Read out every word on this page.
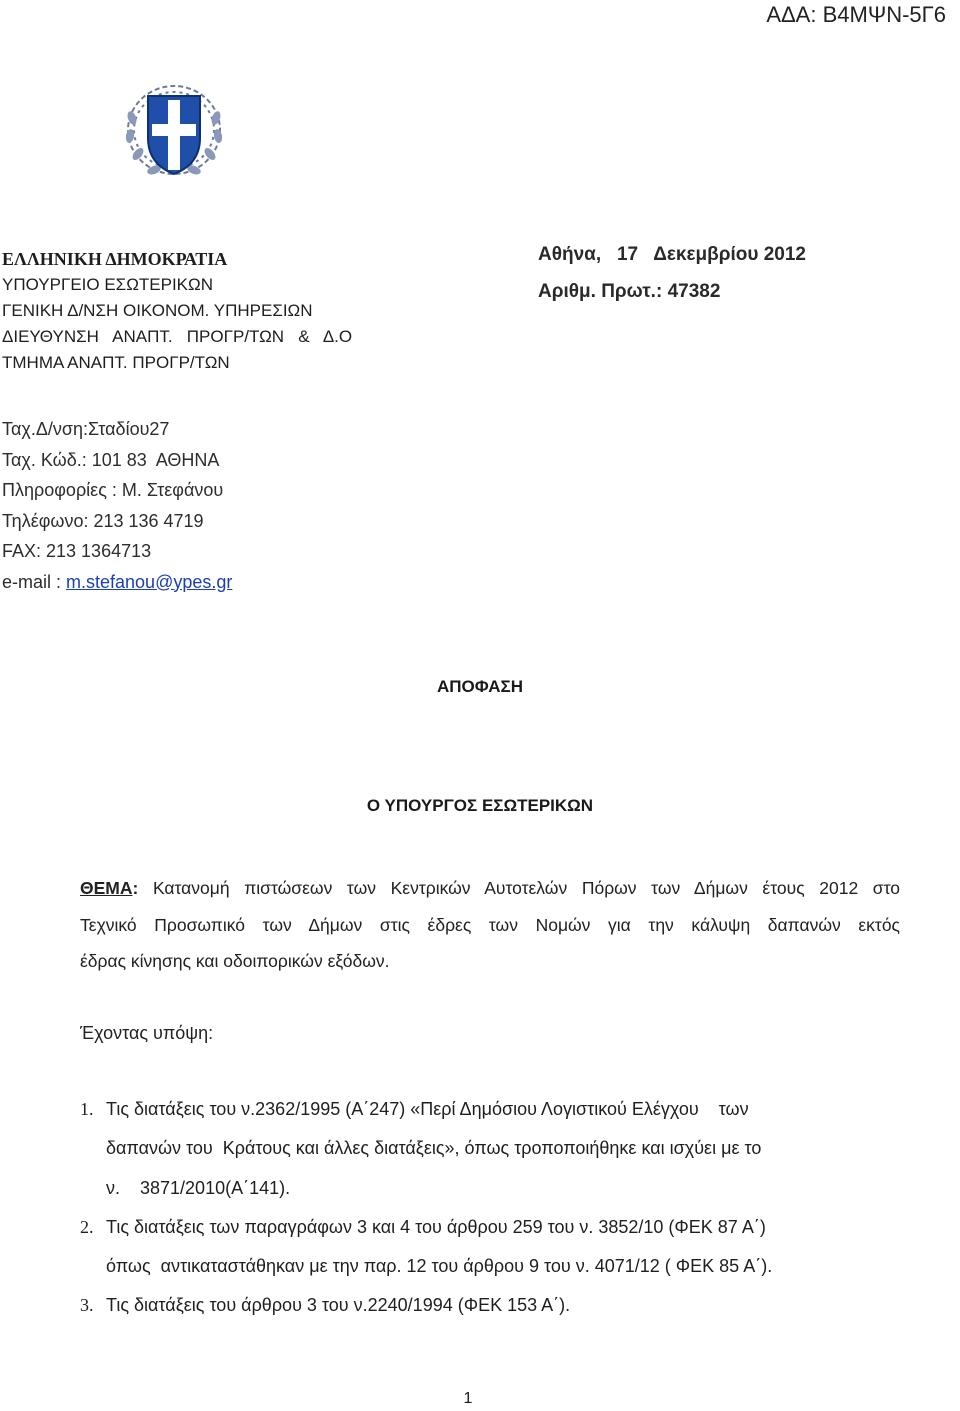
ΑΔΑ: Β4ΜΨΝ-5Γ6
ΕΛΛΗΝΙΚΗ ΔΗΜΟΚΡΑΤΙΑ
ΥΠΟΥΡΓΕΙΟ ΕΣΩΤΕΡΙΚΩΝ
ΓΕΝΙΚΗ Δ/ΝΣΗ ΟΙΚΟΝΟΜ. ΥΠΗΡΕΣΙΩΝ
ΔΙΕΥΘΥΝΣΗ   ΑΝΑΠΤ.   ΠΡΟΓΡ/ΤΩΝ   &   Δ.Ο
ΤΜΗΜΑ ΑΝΑΠΤ. ΠΡΟΓΡ/ΤΩΝ
Αθήνα,   17   Δεκεμβρίου 2012
Αριθμ. Πρωτ.: 47382
Ταχ.Δ/νση:Σταδίου27
Ταχ. Κώδ.: 101 83  ΑΘΗΝΑ
Πληροφορίες : Μ. Στεφάνου
Τηλέφωνο: 213 136 4719
FAX: 213 1364713
e-mail : m.stefanou@ypes.gr
ΑΠΟΦΑΣΗ
Ο ΥΠΟΥΡΓΟΣ ΕΣΩΤΕΡΙΚΩΝ

ΘΕΜΑ: Κατανομή πιστώσεων των Κεντρικών Αυτοτελών Πόρων των Δήμων έτους 2012 στο

Τεχνικό Προσωπικό των Δήμων στις έδρες των Νομών για την κάλυψη δαπανών εκτός

έδρας κίνησης και οδοιπορικών εξόδων.

Έχοντας υπόψη:
1. Τις διατάξεις του ν.2362/1995 (Α΄247) «Περί Δημόσιου Λογιστικού Ελέγχου    των
δαπανών του  Κράτους και άλλες διατάξεις», όπως τροποποιήθηκε και ισχύει με το
ν.    3871/2010(Α΄141).
2. Τις διατάξεις των παραγράφων 3 και 4 του άρθρου 259 του ν. 3852/10 (ΦΕΚ 87 Α΄)
όπως  αντικαταστάθηκαν με την παρ. 12 του άρθρου 9 του ν. 4071/12 ( ΦΕΚ 85 Α΄).
3. Τις διατάξεις του άρθρου 3 του ν.2240/1994 (ΦΕΚ 153 Α΄).
1
